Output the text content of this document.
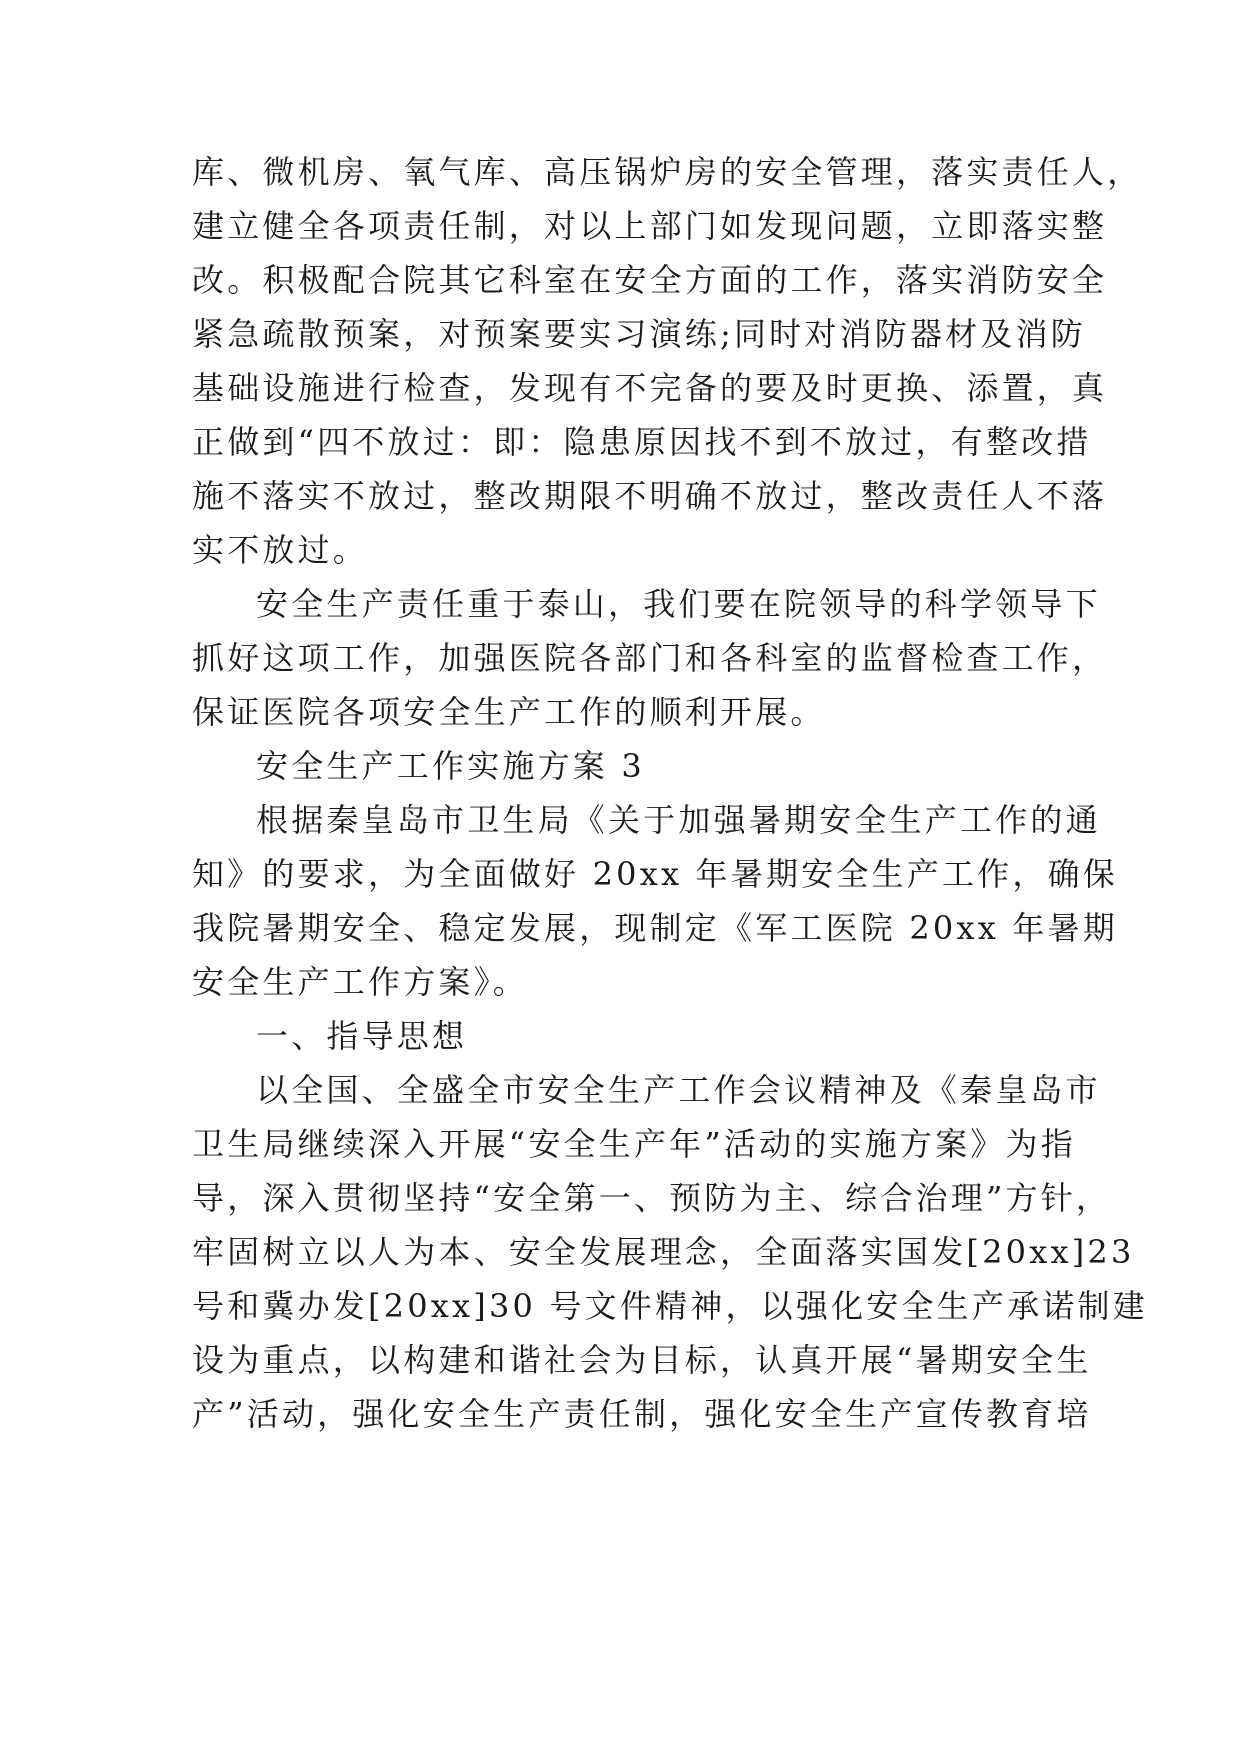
库、微机房、氧气库、高压锅炉房的安全管理，落实责任人，
建立健全各项责任制，对以上部门如发现问题，立即落实整
改。积极配合院其它科室在安全方面的工作，落实消防安全
紧急疏散预案，对预案要实习演练;同时对消防器材及消防
基础设施进行检查，发现有不完备的要及时更换、添置，真
正做到“四不放过：即：隐患原因找不到不放过，有整改措
施不落实不放过，整改期限不明确不放过，整改责任人不落
实不放过。
安全生产责任重于泰山，我们要在院领导的科学领导下
抓好这项工作，加强医院各部门和各科室的监督检查工作，
保证医院各项安全生产工作的顺利开展。
安全生产工作实施方案 3
根据秦皇岛市卫生局《关于加强暑期安全生产工作的通
知》的要求，为全面做好 20xx 年暑期安全生产工作，确保
我院暑期安全、稳定发展，现制定《军工医院 20xx 年暑期
安全生产工作方案》。
一、指导思想
以全国、全盛全市安全生产工作会议精神及《秦皇岛市
卫生局继续深入开展“安全生产年”活动的实施方案》为指
导，深入贯彻坚持“安全第一、预防为主、综合治理”方针，
牢固树立以人为本、安全发展理念，全面落实国发[20xx]23
号和冀办发[20xx]30 号文件精神，以强化安全生产承诺制建
设为重点，以构建和谐社会为目标，认真开展“暑期安全生
产”活动，强化安全生产责任制，强化安全生产宣传教育培
